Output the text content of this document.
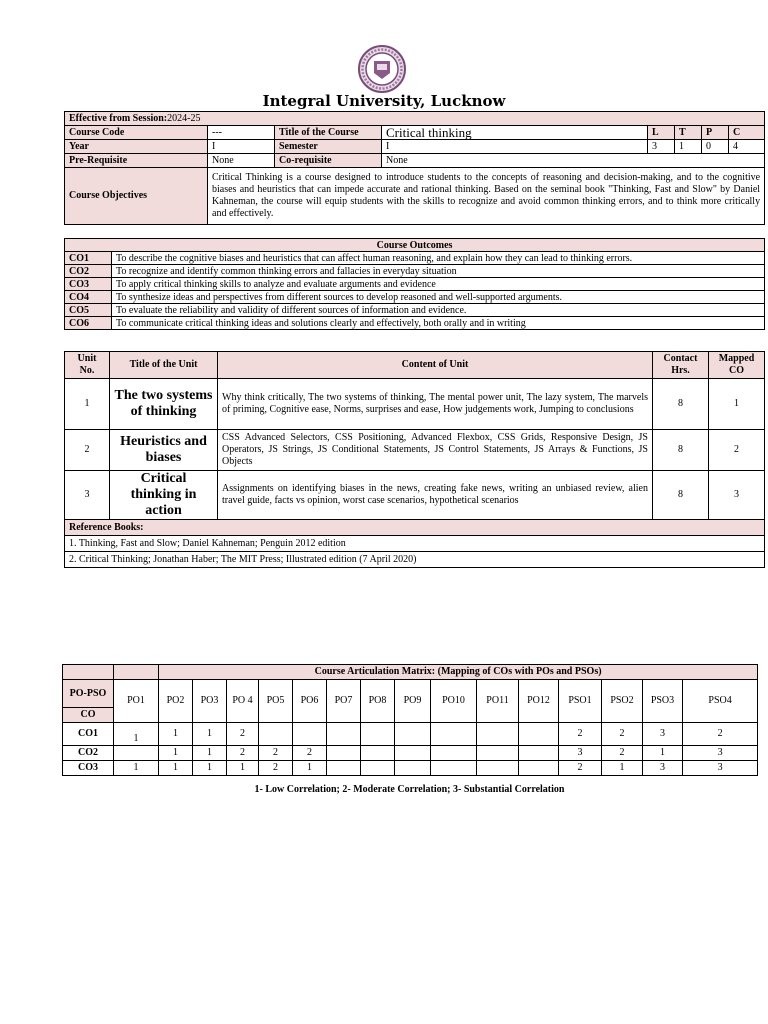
Integral University, Lucknow
Effective from Session:2024-25							
Course Code	---	Title of the Course	Critical thinking	L	T	P	C
Year	I	Semester	I	3	1	0	4
Pre-Requisite	None	Co-requisite	None				
Course Objectives	Critical Thinking is a course designed to introduce students to the concepts of reasoning and decision-making, and to the cognitive biases and heuristics that can impede accurate and rational thinking. Based on the seminal book "Thinking, Fast and Slow" by Daniel Kahneman, the course will equip students with the skills to recognize and avoid common thinking errors, and to think more critically and effectively.						
Course Outcomes	
CO1	To describe the cognitive biases and heuristics that can affect human reasoning, and explain how they can lead to thinking errors.
CO2	To recognize and identify common thinking errors and fallacies in everyday situation
CO3	To apply critical thinking skills to analyze and evaluate arguments and evidence
CO4	To synthesize ideas and perspectives from different sources to develop reasoned and well-supported arguments.
CO5	To evaluate the reliability and validity of different sources of information and evidence.
CO6	To communicate critical thinking ideas and solutions clearly and effectively, both orally and in writing
Unit No.	Title of the Unit	Content of Unit	Contact Hrs.	Mapped CO
1	The two systems of thinking	Why think critically, The two systems of thinking, The mental power unit, The lazy system, The marvels of priming, Cognitive ease, Norms, surprises and ease, How judgements work, Jumping to conclusions	8	1
2	Heuristics and biases	CSS Advanced Selectors, CSS Positioning, Advanced Flexbox, CSS Grids, Responsive Design, JS Operators, JS Strings, JS Conditional Statements, JS Control Statements, JS Arrays & Functions, JS Objects	8	2
3	Critical thinking in action	Assignments on identifying biases in the news, creating fake news, writing an unbiased review, alien travel guide, facts vs opinion, worst case scenarios, hypothetical scenarios	8	3
Reference Books:				
1. Thinking, Fast and Slow; Daniel Kahneman; Penguin 2012 edition				
2. Critical Thinking; Jonathan Haber; The MIT Press; Illustrated edition (7 April 2020)				
		Course Articulation Matrix: (Mapping of COs with POs and PSOs)														
PO-PSO	PO1	PO2	PO3	PO 4	PO5	PO6	PO7	PO8	PO9	PO10	PO11	PO12	PSO1	PSO2	PSO3	PSO4
CO																
CO1	1	1	1	2									2	2	3	2
CO2		1	1	2	2	2							3	2	1	3
CO3	1	1	1	1	2	1							2	1	3	3
1- Low Correlation; 2- Moderate Correlation; 3- Substantial Correlation
